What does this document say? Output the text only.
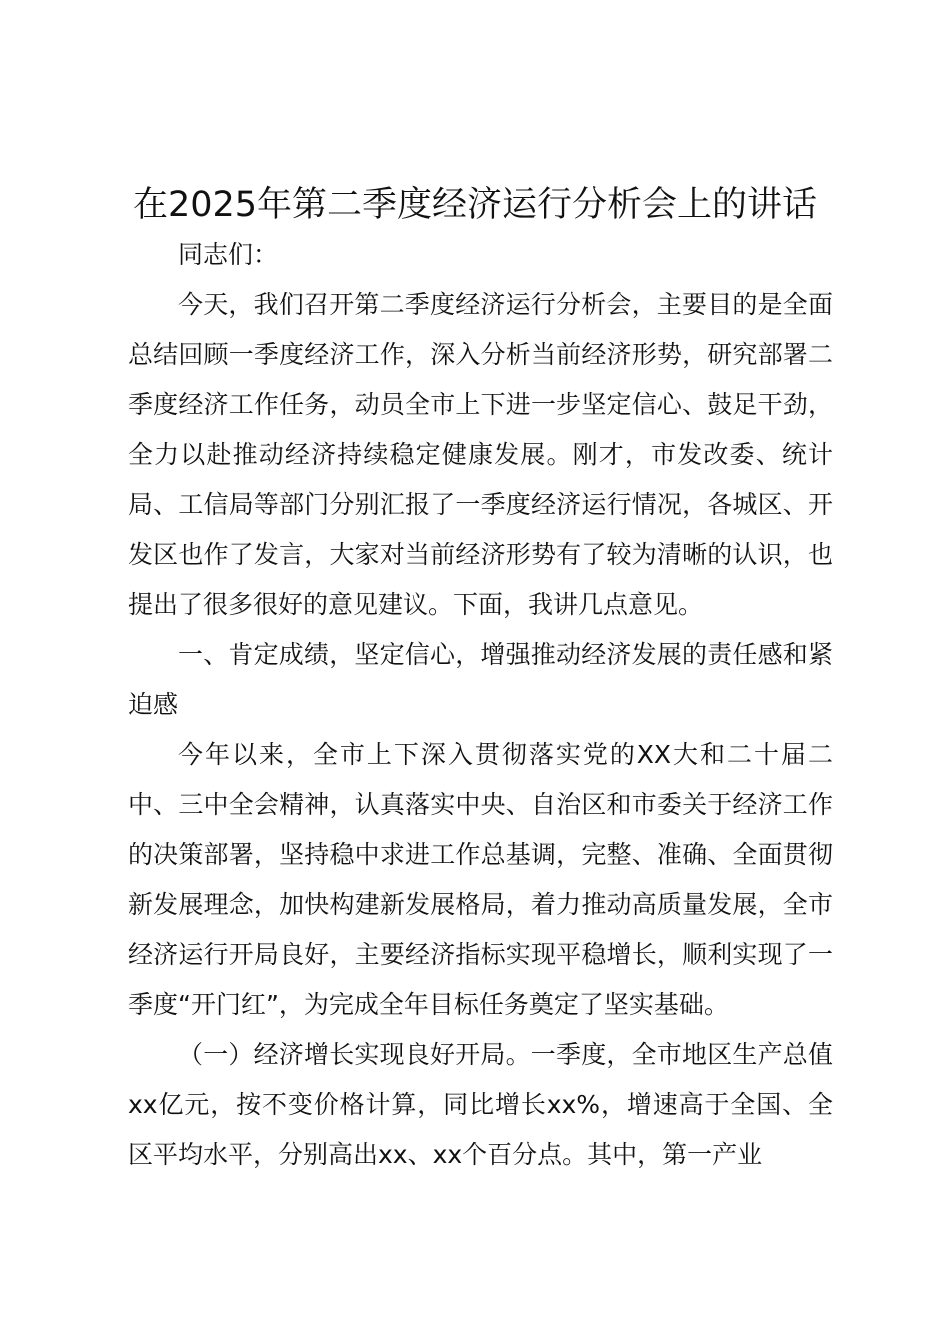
在2025年第二季度经济运行分析会上的讲话

同志们：

今天，我们召开第二季度经济运行分析会，主要目的是全面总结回顾一季度经济工作，深入分析当前经济形势，研究部署二季度经济工作任务，动员全市上下进一步坚定信心、鼓足干劲，全力以赴推动经济持续稳定健康发展。刚才，市发改委、统计局、工信局等部门分别汇报了一季度经济运行情况，各城区、开发区也作了发言，大家对当前经济形势有了较为清晰的认识，也提出了很多很好的意见建议。下面，我讲几点意见。

一、肯定成绩，坚定信心，增强推动经济发展的责任感和紧迫感

今年以来，全市上下深入贯彻落实党的XX大和二十届二中、三中全会精神，认真落实中央、自治区和市委关于经济工作的决策部署，坚持稳中求进工作总基调，完整、准确、全面贯彻新发展理念，加快构建新发展格局，着力推动高质量发展，全市经济运行开局良好，主要经济指标实现平稳增长，顺利实现了一季度“开门红”，为完成全年目标任务奠定了坚实基础。

（一）经济增长实现良好开局。一季度，全市地区生产总值xx亿元，按不变价格计算，同比增长xx%，增速高于全国、全区平均水平，分别高出xx、xx个百分点。其中，第一产业
